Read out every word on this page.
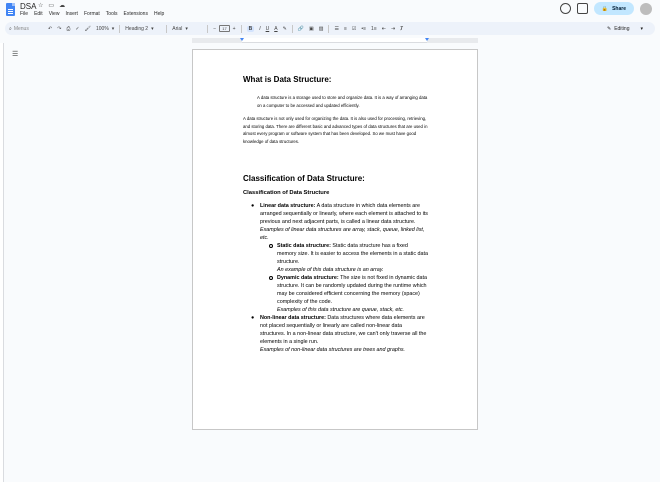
DSA ☆ ▭ ☁
File Edit View Insert Format Tools Extensions Help
🔒 Share
⌕ Menus	↶ ↷ ⎙ ✓ 🖌 100% ▾ Heading 2 ▾	Arial ▾	−	17	+	B	I U A ✎ 🔗 ▣ ▨ ☰ ≡ ☑ •≡ 1≡ ⇤ ⇥ Ⱦ	✎ Editing ▾
☰
What is Data Structure:

A data structure is a storage used to store and organize data. It is a way of arranging data on a computer to be accessed and updated efficiently.

A data structure is not only used for organizing the data. It is also used for processing, retrieving, and storing data. There are different basic and advanced types of data structures that are used in almost every program or software system that has been developed. So we must have good knowledge of data structures.

Classification of Data Structure:
Classification of Data Structure
● Linear data structure: A data structure in which data elements are arranged sequentially or linearly, where each element is attached to its previous and next adjacent parts, is called a linear data structure.
Examples of linear data structures are array, stack, queue, linked list, etc.
Static data structure: Static data structure has a fixed memory size. It is easier to access the elements in a static data structure.
An example of this data structure is an array.
Dynamic data structure: The size is not fixed in dynamic data structure. It can be randomly updated during the runtime which may be considered efficient concerning the memory (space) complexity of the code.
Examples of this data structure are queue, stack, etc.
● Non-linear data structure: Data structures where data elements are not placed sequentially or linearly are called non-linear data structures. In a non-linear data structure, we can't only traverse all the elements in a single run.
Examples of non-linear data structures are trees and graphs.
